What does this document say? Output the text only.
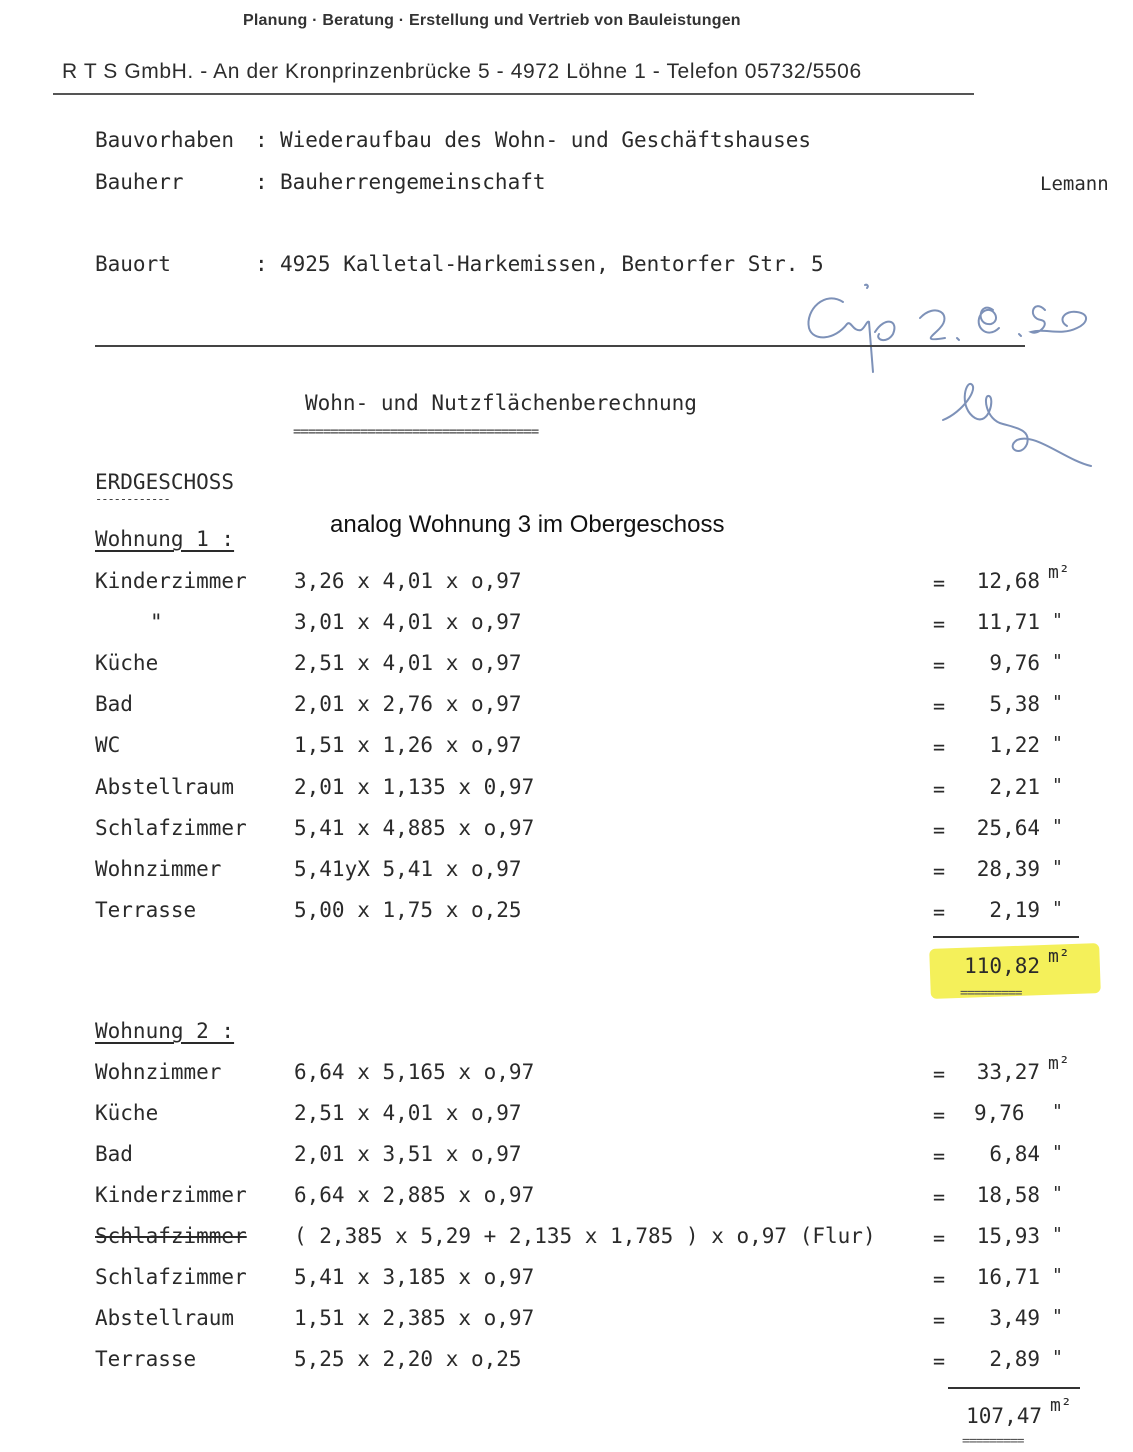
Planung · Beratung · Erstellung und Vertrieb von Bauleistungen
R T S GmbH. - An der Kronprinzenbrücke 5 - 4972 Löhne 1 - Telefon 05732/5506
Bauvorhaben : Wiederaufbau des Wohn- und Geschäftshauses
Bauherr	: Bauherrengemeinschaft	Lemann
Bauort	: 4925 Kalletal-Harkemissen, Bentorfer Str. 5
Wohn- und Nutzflächenberechnung
=================================
ERDGESCHOSS
------------
analog Wohnung 3 im Obergeschoss
Wohnung 1 :
Kinderzimmer 3,26 x 4,01 x o,97	=	12,68 m²
"	3,01 x 4,01 x o,97	=	11,71 "
Küche	2,51 x 4,01 x o,97	=	9,76 "
Bad	2,01 x 2,76 x o,97	=	5,38 "
WC	1,51 x 1,26 x o,97	=	1,22 "
Abstellraum	2,01 x 1,135 x 0,97	=	2,21 "
Schlafzimmer 5,41 x 4,885 x o,97	=	25,64 "
Wohnzimmer	5,41yX 5,41 x o,97	=	28,39 "
Terrasse	5,00 x 1,75 x o,25	=	2,19 "
110,82 m²
=========
Wohnung 2 :
Wohnzimmer	6,64 x 5,165 x o,97	=	33,27 m²
Küche	2,51 x 4,01 x o,97	=	9,76	"
Bad	2,01 x 3,51 x o,97	=	6,84 "
Kinderzimmer 6,64 x 2,885 x o,97	=	18,58 "
Schlafzimmer ( 2,385 x 5,29 + 2,135 x 1,785 ) x o,97 (Flur)	=	15,93 "
Schlafzimmer 5,41 x 3,185 x o,97	=	16,71 "
Abstellraum	1,51 x 2,385 x o,97	=	3,49 "
Terrasse	5,25 x 2,20 x o,25	=	2,89 "
107,47 m²
=========
